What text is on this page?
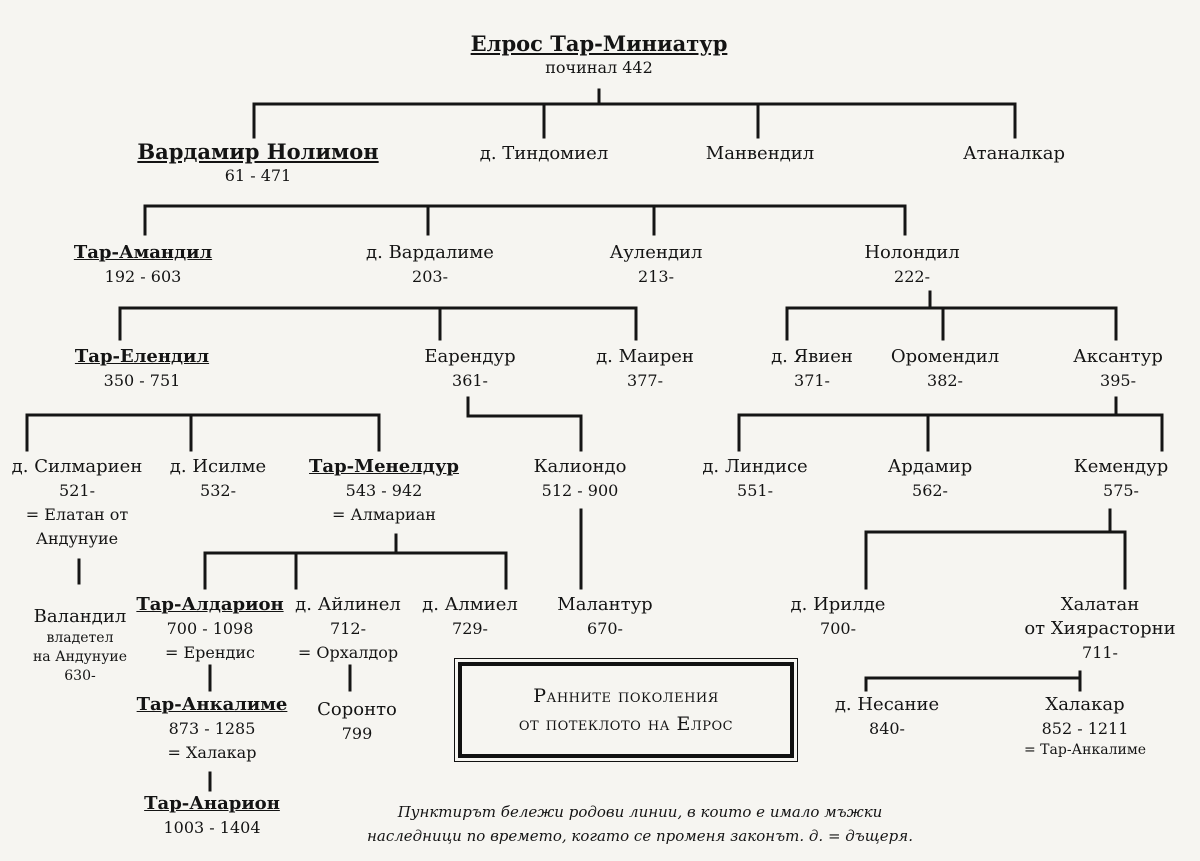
Елрос Тар-Миниатур
починал 442
Вардамир Нолимон
61 - 471
д. Тиндомиел	Манвендил	Атаналкар
Тар-Амандил
192 - 603
д. Вардалиме
203-
Аулендил
213-
Нолондил
222-
Тар-Елендил
350 - 751
Еарендур
361-
д. Маирен
377-
д. Явиен
371-
Оромендил
382-
Аксантур
395-
д. Силмариен
521-
= Елатан от
Андунуие
д. Исилме
532-
Тар-Менелдур
543 - 942
= Алмариан
Калиондо
512 - 900
д. Линдисе
551-
Ардамир
562-
Кемендур
575-
Валандил
владетел
на Андунуие
630-
Тар-Алдарион
700 - 1098
= Ерендис
д. Айлинел
712-
= Орхалдор
д. Алмиел
729-
Малантур
670-
д. Ирилде
700-
Халатан
от Хиярасторни
711-
Тар-Анкалиме
873 - 1285
= Халакар
Соронто
799
д. Несание
840-
Халакар
852 - 1211
= Тар-Анкалиме
Тар-Анарион
1003 - 1404
Ранните поколения
от потеклото на Елрос
Пунктирът бележи родови линии, в които е имало мъжки
наследници по времето, когато се променя законът. д. = дъщеря.
